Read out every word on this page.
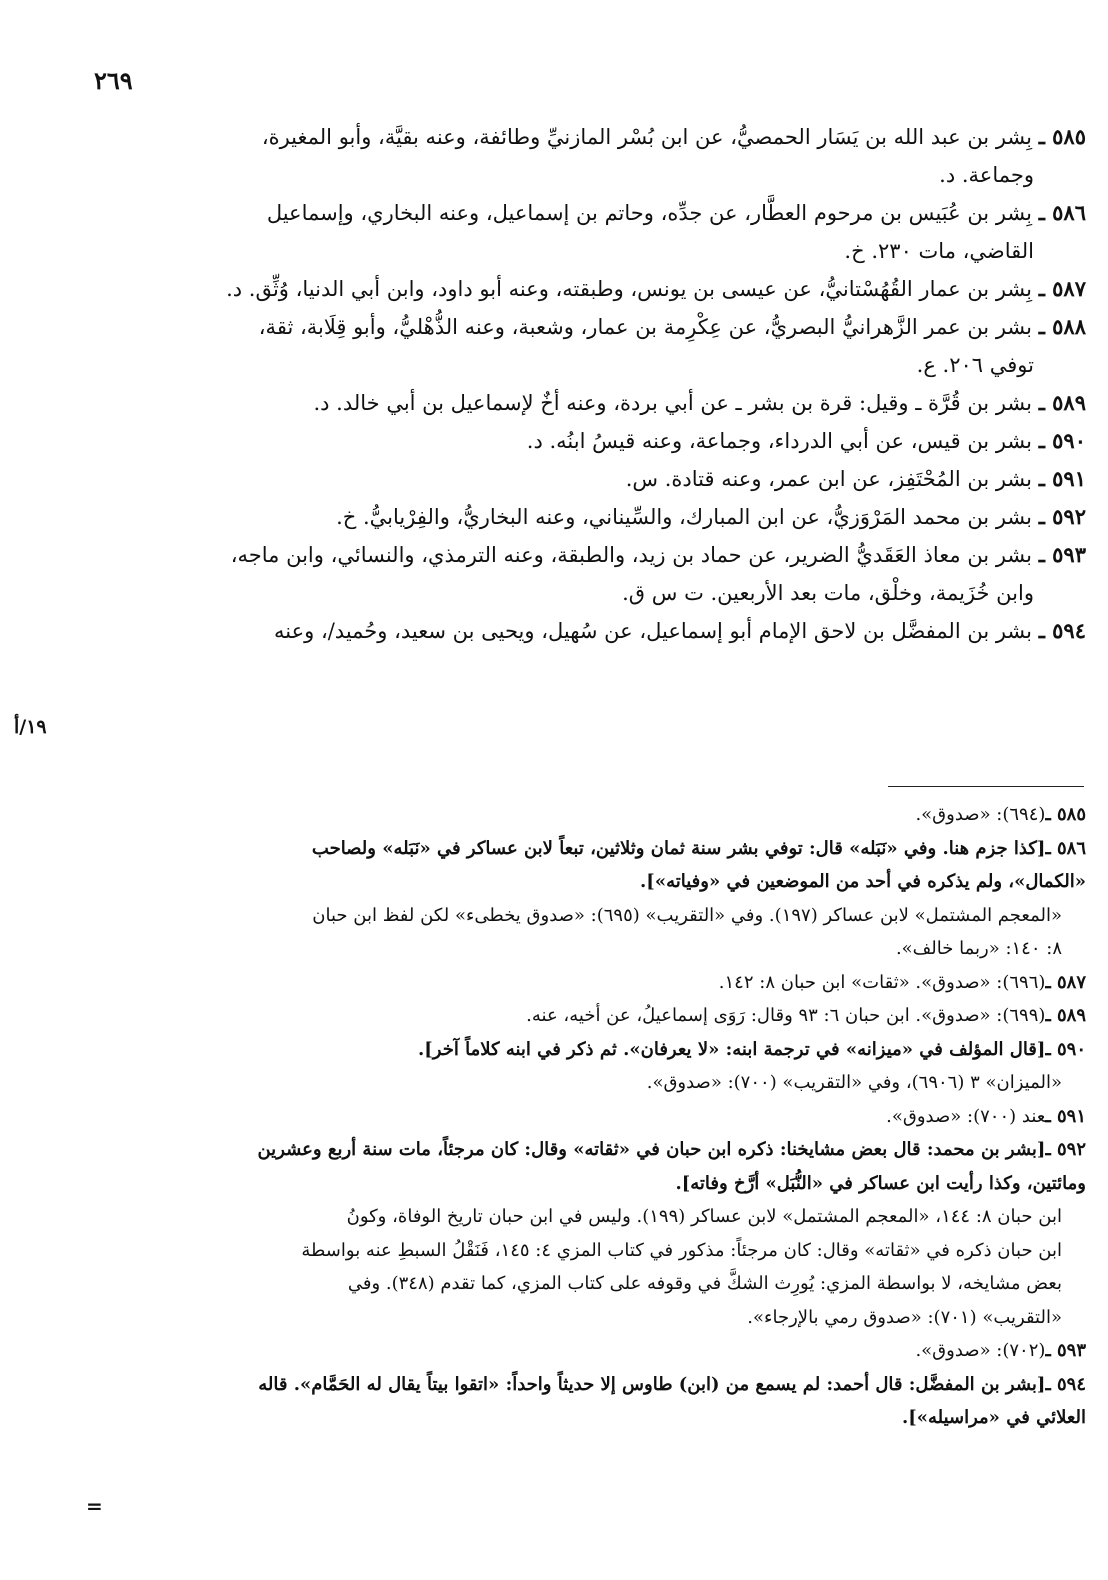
٢٦٩

٥٨٥ ـ بِشر بن عبد الله بن يَسَار الحمصيُّ، عن ابن بُسْر المازنيِّ وطائفة، وعنه بقيَّة، وأبو المغيرة،
وجماعة. د.

٥٨٦ ـ بِشر بن عُبَيس بن مرحوم العطَّار، عن جدِّه، وحاتم بن إسماعيل، وعنه البخاري، وإسماعيل
القاضي، مات ٢٣٠. خ.

٥٨٧ ـ بِشر بن عمار القُهُسْتانيُّ، عن عيسى بن يونس، وطبقته، وعنه أبو داود، وابن أبي الدنيا، وُثِّق. د.

٥٨٨ ـ بشر بن عمر الزَّهرانيُّ البصريُّ، عن عِكْرِمة بن عمار، وشعبة، وعنه الذُّهْليُّ، وأبو قِلَابة، ثقة،
توفي ٢٠٦. ع.

٥٨٩ ـ بشر بن قُرَّة ـ وقيل: قرة بن بشر ـ عن أبي بردة، وعنه أخٌ لإسماعيل بن أبي خالد. د.

٥٩٠ ـ بشر بن قيس، عن أبي الدرداء، وجماعة، وعنه قيسُ ابنُه. د.

٥٩١ ـ بشر بن المُحْتَفِز، عن ابن عمر، وعنه قتادة. س.

٥٩٢ ـ بشر بن محمد المَرْوَزيُّ، عن ابن المبارك، والسِّيناني، وعنه البخاريُّ، والفِرْيابيُّ. خ.

٥٩٣ ـ بشر بن معاذ العَقَديُّ الضرير، عن حماد بن زيد، والطبقة، وعنه الترمذي، والنسائي، وابن ماجه،
وابن خُزَيمة، وخلْق، مات بعد الأربعين. ت س ق.

٥٩٤ ـ بشر بن المفضَّل بن لاحق الإمام أبو إسماعيل، عن سُهيل، ويحيى بن سعيد، وحُميد/، وعنه

١٩/أ

٥٨٥ ـ(٦٩٤): «صدوق».

٥٨٦ ـ[كذا جزم هنا. وفي «نَبَله» قال: توفي بشر سنة ثمان وثلاثين، تبعاً لابن عساكر في «نَبَله» ولصاحب
«الكمال»، ولم يذكره في أحد من الموضعين في «وفياته»].
«المعجم المشتمل» لابن عساكر (١٩٧). وفي «التقريب» (٦٩٥): «صدوق يخطىء» لكن لفظ ابن حبان
٨: ١٤٠: «ربما خالف».

٥٨٧ ـ(٦٩٦): «صدوق». «ثقات» ابن حبان ٨: ١٤٢.

٥٨٩ ـ(٦٩٩): «صدوق». ابن حبان ٦: ٩٣ وقال: رَوَى إسماعيلُ، عن أخيه، عنه.

٥٩٠ ـ[قال المؤلف في «ميزانه» في ترجمة ابنه: «لا يعرفان». ثم ذكر في ابنه كلاماً آخر].
«الميزان» ٣ (٦٩٠٦)، وفي «التقريب» (٧٠٠): «صدوق».

٥٩١ ـعند (٧٠٠): «صدوق».

٥٩٢ ـ[بشر بن محمد: قال بعض مشايخنا: ذكره ابن حبان في «ثقاته» وقال: كان مرجئاً، مات سنة أربع وعشرين
ومائتين، وكذا رأيت ابن عساكر في «النُّبَل» أرَّخ وفاته].
ابن حبان ٨: ١٤٤، «المعجم المشتمل» لابن عساكر (١٩٩). وليس في ابن حبان تاريخ الوفاة، وكونُ
ابن حبان ذكره في «ثقاته» وقال: كان مرجئاً: مذكور في كتاب المزي ٤: ١٤٥، فَنَقْلُ السبطِ عنه بواسطة
بعض مشايخه، لا بواسطة المزي: يُورِث الشكَّ في وقوفه على كتاب المزي، كما تقدم (٣٤٨). وفي
«التقريب» (٧٠١): «صدوق رمي بالإرجاء».

٥٩٣ ـ(٧٠٢): «صدوق».

٥٩٤ ـ[بشر بن المفضَّل: قال أحمد: لم يسمع من (ابن) طاوس إلا حديثاً واحداً: «اتقوا بيتاً يقال له الحَمَّام». قاله
العلائي في «مراسيله»].

=
